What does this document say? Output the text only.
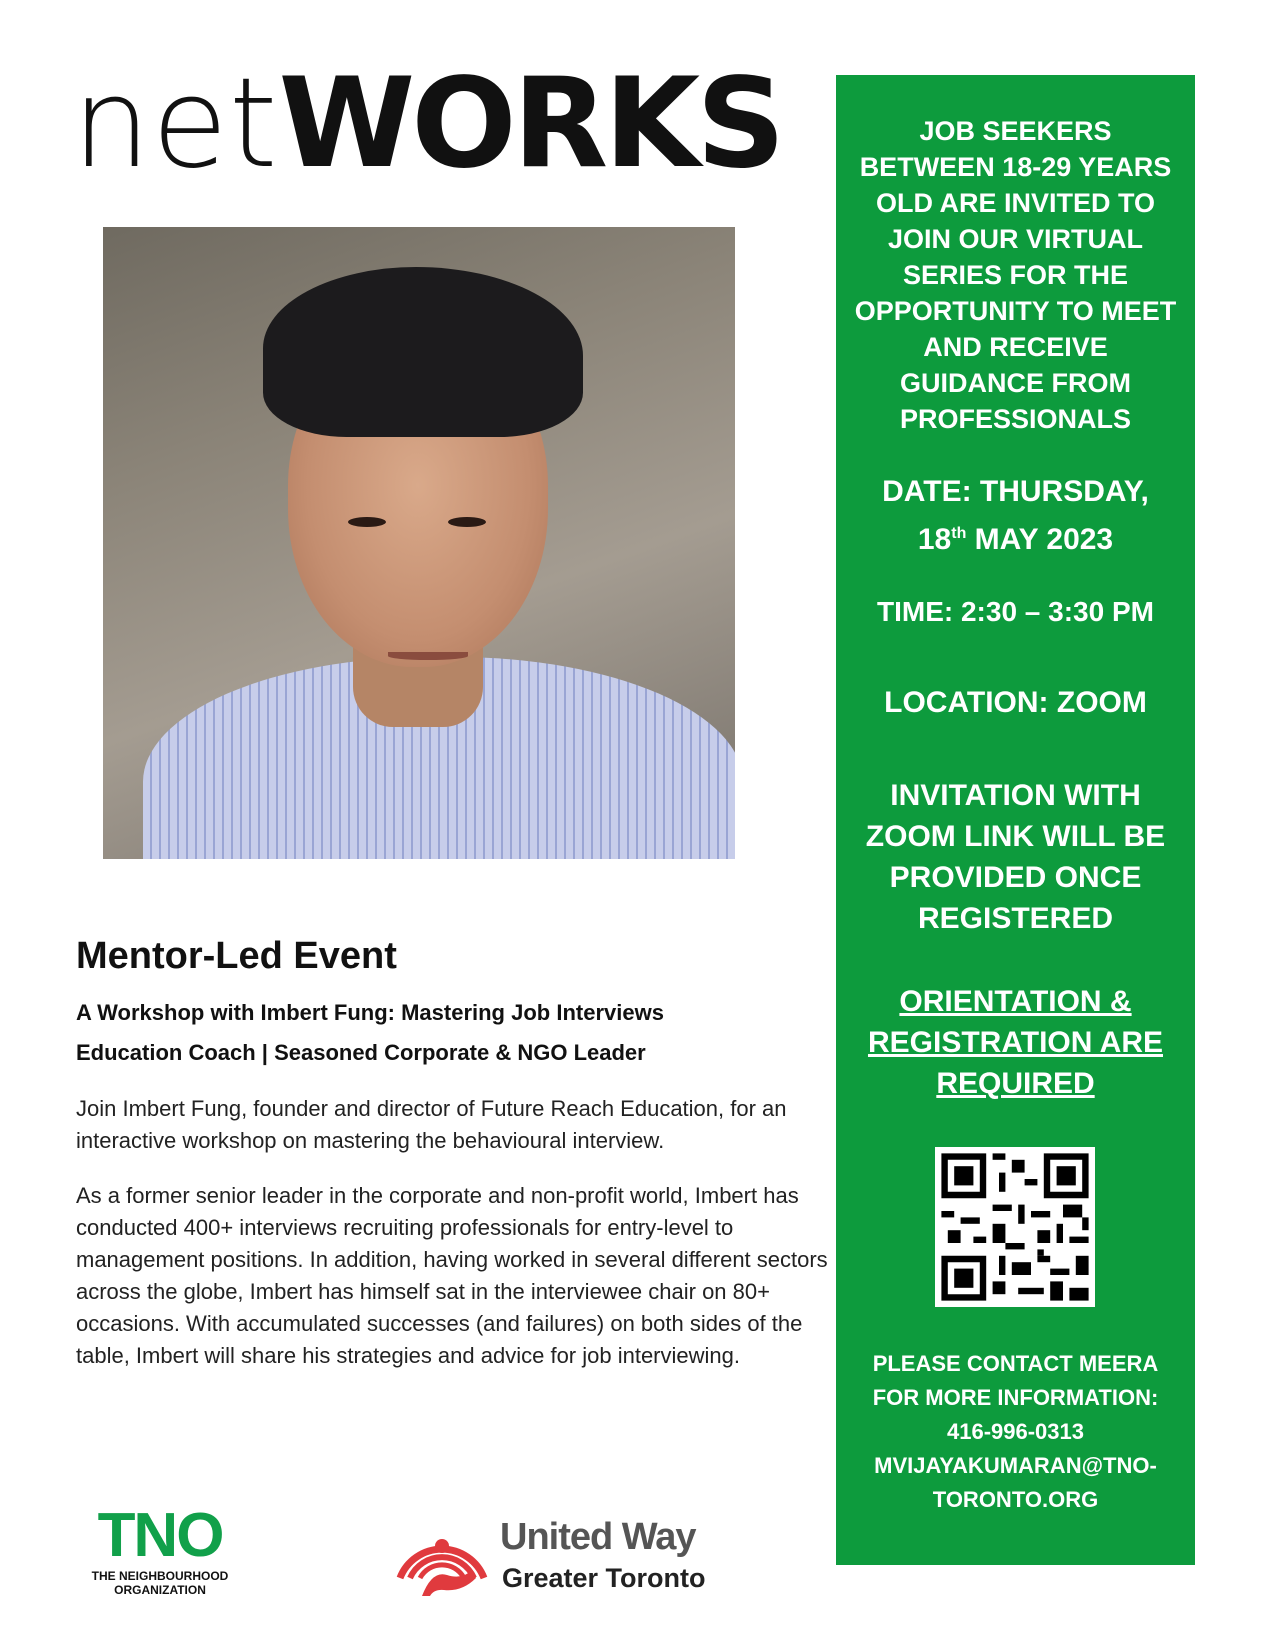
netWORKS	JOB SEEKERS
BETWEEN 18-29 YEARS
OLD ARE INVITED TO
JOIN OUR VIRTUAL
SERIES FOR THE
OPPORTUNITY TO MEET
AND RECEIVE
GUIDANCE FROM
PROFESSIONALS
DATE: THURSDAY,
18th MAY 2023
TIME: 2:30 – 3:30 PM
LOCATION: ZOOM
INVITATION WITH
ZOOM LINK WILL BE
PROVIDED ONCE
REGISTERED
ORIENTATION &
REGISTRATION ARE
REQUIRED
PLEASE CONTACT MEERA
FOR MORE INFORMATION:
416-996-0313
MVIJAYAKUMARAN@TNO-
TORONTO.ORG
Mentor-Led Event
A Workshop with Imbert Fung: Mastering Job Interviews
Education Coach | Seasoned Corporate & NGO Leader
Join Imbert Fung, founder and director of Future Reach Education, for an interactive workshop on mastering the behavioural interview.
As a former senior leader in the corporate and non-profit world, Imbert has conducted 400+ interviews recruiting professionals for entry-level to management positions. In addition, having worked in several different sectors across the globe, Imbert has himself sat in the interviewee chair on 80+ occasions. With accumulated successes (and failures) on both sides of the table, Imbert will share his strategies and advice for job interviewing.
TNO
THE NEIGHBOURHOOD
ORGANIZATION
United Way
Greater Toronto
